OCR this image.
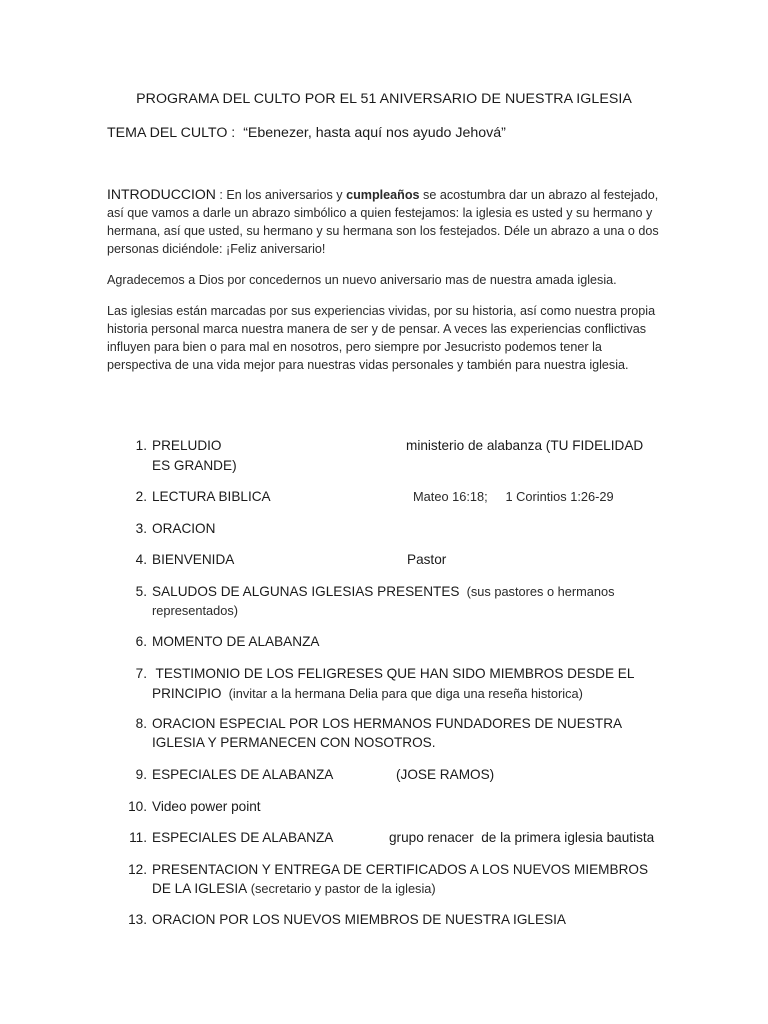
PROGRAMA DEL CULTO POR EL 51 ANIVERSARIO DE NUESTRA IGLESIA
TEMA DEL CULTO : “Ebenezer, hasta aquí nos ayudo Jehová”
INTRODUCCION : En los aniversarios y cumpleaños se acostumbra dar un abrazo al festejado, así que vamos a darle un abrazo simbólico a quien festejamos: la iglesia es usted y su hermano y hermana, así que usted, su hermano y su hermana son los festejados. Déle un abrazo a una o dos personas diciéndole: ¡Feliz aniversario!
Agradecemos a Dios por concedernos un nuevo aniversario mas de nuestra amada iglesia.
Las iglesias están marcadas por sus experiencias vividas, por su historia, así como nuestra propia historia personal marca nuestra manera de ser y de pensar. A veces las experiencias conflictivas influyen para bien o para mal en nosotros, pero siempre por Jesucristo podemos tener la perspectiva de una vida mejor para nuestras vidas personales y también para nuestra iglesia.
1. PRELUDIO	ministerio de alabanza (TU FIDELIDAD
ES GRANDE)
2. LECTURA BIBLICA	Mateo 16:18;     1 Corintios 1:26-29
3. ORACION
4. BIENVENIDA	Pastor
5. SALUDOS DE ALGUNAS IGLESIAS PRESENTES  (sus pastores o hermanos
representados)
6. MOMENTO DE ALABANZA
7. TESTIMONIO DE LOS FELIGRESES QUE HAN SIDO MIEMBROS DESDE EL
PRINCIPIO  (invitar a la hermana Delia para que diga una reseña historica)
8. ORACION ESPECIAL POR LOS HERMANOS FUNDADORES DE NUESTRA
IGLESIA Y PERMANECEN CON NOSOTROS.
9. ESPECIALES DE ALABANZA	(JOSE RAMOS)
10. Video power point
11. ESPECIALES DE ALABANZA	grupo renacer  de la primera iglesia bautista
12. PRESENTACION Y ENTREGA DE CERTIFICADOS A LOS NUEVOS MIEMBROS
DE LA IGLESIA (secretario y pastor de la iglesia)
13. ORACION POR LOS NUEVOS MIEMBROS DE NUESTRA IGLESIA
